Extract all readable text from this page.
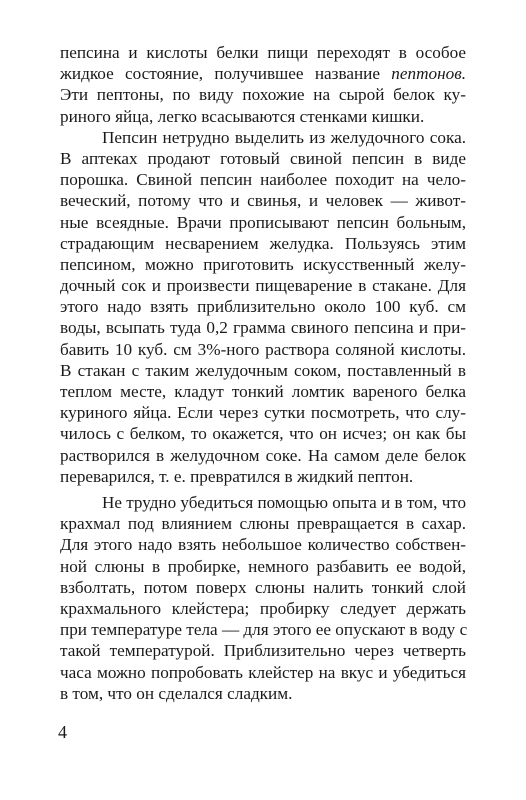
пепсина и кислоты белки пищи переходят в особое
жидкое состояние, получившее название пептонов.
Эти пептоны, по виду похожие на сырой белок ку-
риного яйца, легко всасываются стенками кишки.
Пепсин нетрудно выделить из желудочного сока.
В аптеках продают готовый свиной пепсин в виде
порошка. Свиной пепсин наиболее походит на чело-
веческий, потому что и свинья, и человек — живот-
ные всеядные. Врачи прописывают пепсин больным,
страдающим несварением желудка. Пользуясь этим
пепсином, можно приготовить искусственный желу-
дочный сок и произвести пищеварение в стакане. Для
этого надо взять приблизительно около 100 куб. см
воды, всыпать туда 0,2 грамма свиного пепсина и при-
бавить 10 куб. см 3%-ного раствора соляной кислоты.
В стакан с таким желудочным соком, поставленный в
теплом месте, кладут тонкий ломтик вареного белка
куриного яйца. Если через сутки посмотреть, что слу-
чилось с белком, то окажется, что он исчез; он как бы
растворился в желудочном соке. На самом деле белок
переварился, т. е. превратился в жидкий пептон.
Не трудно убедиться помощью опыта и в том, что
крахмал под влиянием слюны превращается в сахар.
Для этого надо взять небольшое количество собствен-
ной слюны в пробирке, немного разбавить ее водой,
взболтать, потом поверх слюны налить тонкий слой
крахмального клейстера; пробирку следует держать
при температуре тела — для этого ее опускают в воду с
такой температурой. Приблизительно через четверть
часа можно попробовать клейстер на вкус и убедиться
в том, что он сделался сладким.
4
